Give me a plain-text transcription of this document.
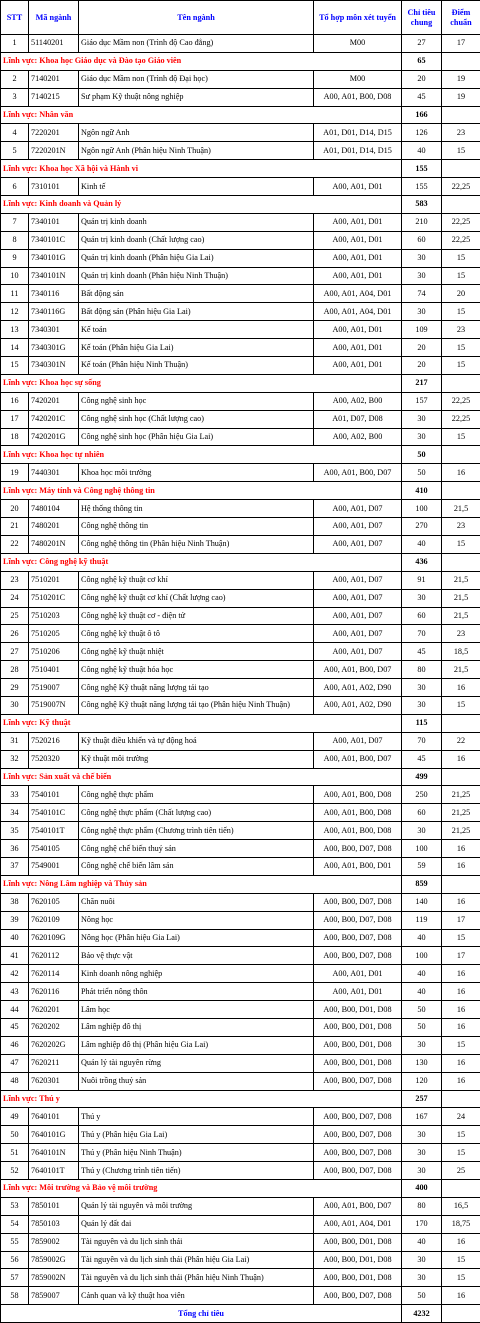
STT	Mã ngành	Tên ngành	Tổ hợp môn xét tuyển	Chỉ tiêu chung	Điểm chuẩn
1	51140201	Giáo dục Mầm non (Trình độ Cao đẳng)	M00	27	17
Lĩnh vực: Khoa học Giáo dục và Đào tạo Giáo viên				65	
2	7140201	Giáo dục Mầm non (Trình độ Đại học)	M00	20	19
3	7140215	Sư phạm Kỹ thuật nông nghiệp	A00, A01, B00, D08	45	19
Lĩnh vực: Nhân văn				166	
4	7220201	Ngôn ngữ Anh	A01, D01, D14, D15	126	23
5	7220201N	Ngôn ngữ Anh (Phân hiệu Ninh Thuận)	A01, D01, D14, D15	40	15
Lĩnh vực: Khoa học Xã hội và Hành vi				155	
6	7310101	Kinh tế	A00, A01, D01	155	22,25
Lĩnh vực: Kinh doanh và Quản lý				583	
7	7340101	Quản trị kinh doanh	A00, A01, D01	210	22,25
8	7340101C	Quản trị kinh doanh (Chất lượng cao)	A00, A01, D01	60	22,25
9	7340101G	Quản trị kinh doanh (Phân hiệu Gia Lai)	A00, A01, D01	30	15
10	7340101N	Quản trị kinh doanh (Phân hiệu Ninh Thuận)	A00, A01, D01	30	15
11	7340116	Bất động sản	A00, A01, A04, D01	74	20
12	7340116G	Bất động sản (Phân hiệu Gia Lai)	A00, A01, A04, D01	30	15
13	7340301	Kế toán	A00, A01, D01	109	23
14	7340301G	Kế toán (Phân hiệu Gia Lai)	A00, A01, D01	20	15
15	7340301N	Kế toán (Phân hiệu Ninh Thuận)	A00, A01, D01	20	15
Lĩnh vực: Khoa học sự sống				217	
16	7420201	Công nghệ sinh học	A00, A02, B00	157	22,25
17	7420201C	Công nghệ sinh học (Chất lượng cao)	A01, D07, D08	30	22,25
18	7420201G	Công nghệ sinh học (Phân hiệu Gia Lai)	A00, A02, B00	30	15
Lĩnh vực: Khoa học tự nhiên				50	
19	7440301	Khoa học môi trường	A00, A01, B00, D07	50	16
Lĩnh vực: Máy tính và Công nghệ thông tin				410	
20	7480104	Hệ thống thông tin	A00, A01, D07	100	21,5
21	7480201	Công nghệ thông tin	A00, A01, D07	270	23
22	7480201N	Công nghệ thông tin (Phân hiệu Ninh Thuận)	A00, A01, D07	40	15
Lĩnh vực: Công nghệ kỹ thuật				436	
23	7510201	Công nghệ kỹ thuật cơ khí	A00, A01, D07	91	21,5
24	7510201C	Công nghệ kỹ thuật cơ khí (Chất lượng cao)	A00, A01, D07	30	21,5
25	7510203	Công nghệ kỹ thuật cơ - điện tử	A00, A01, D07	60	21,5
26	7510205	Công nghệ kỹ thuật ô tô	A00, A01, D07	70	23
27	7510206	Công nghệ kỹ thuật nhiệt	A00, A01, D07	45	18,5
28	7510401	Công nghệ kỹ thuật hóa học	A00, A01, B00, D07	80	21,5
29	7519007	Công nghệ Kỹ thuật năng lượng tái tạo	A00, A01, A02, D90	30	16
30	7519007N	Công nghệ Kỹ thuật năng lượng tái tạo (Phân hiệu Ninh Thuận)	A00, A01, A02, D90	30	15
Lĩnh vực: Kỹ thuật				115	
31	7520216	Kỹ thuật điều khiển và tự động hoá	A00, A01, D07	70	22
32	7520320	Kỹ thuật môi trường	A00, A01, B00, D07	45	16
Lĩnh vực: Sản xuất và chế biến				499	
33	7540101	Công nghệ thực phẩm	A00, A01, B00, D08	250	21,25
34	7540101C	Công nghệ thực phẩm (Chất lượng cao)	A00, A01, B00, D08	60	21,25
35	7540101T	Công nghệ thực phẩm (Chương trình tiên tiến)	A00, A01, B00, D08	30	21,25
36	7540105	Công nghệ chế biến thuỷ sản	A00, B00, D07, D08	100	16
37	7549001	Công nghệ chế biến lâm sản	A00, A01, B00, D01	59	16
Lĩnh vực: Nông Lâm nghiệp và Thủy sản				859	
38	7620105	Chăn nuôi	A00, B00, D07, D08	140	16
39	7620109	Nông học	A00, B00, D07, D08	119	17
40	7620109G	Nông học (Phân hiệu Gia Lai)	A00, B00, D07, D08	40	15
41	7620112	Bảo vệ thực vật	A00, B00, D07, D08	100	17
42	7620114	Kinh doanh nông nghiệp	A00, A01, D01	40	16
43	7620116	Phát triển nông thôn	A00, A01, D01	40	16
44	7620201	Lâm học	A00, B00, D01, D08	50	16
45	7620202	Lâm nghiệp đô thị	A00, B00, D01, D08	50	16
46	7620202G	Lâm nghiệp đô thị (Phân hiệu Gia Lai)	A00, B00, D01, D08	30	15
47	7620211	Quản lý tài nguyên rừng	A00, B00, D01, D08	130	16
48	7620301	Nuôi trồng thuỷ sản	A00, B00, D07, D08	120	16
Lĩnh vực: Thú y				257	
49	7640101	Thú y	A00, B00, D07, D08	167	24
50	7640101G	Thú y (Phân hiệu Gia Lai)	A00, B00, D07, D08	30	15
51	7640101N	Thú y (Phân hiệu Ninh Thuận)	A00, B00, D07, D08	30	15
52	7640101T	Thú y (Chương trình tiên tiến)	A00, B00, D07, D08	30	25
Lĩnh vực: Môi trường và Bảo vệ môi trường				400	
53	7850101	Quản lý tài nguyên và môi trường	A00, A01, B00, D07	80	16,5
54	7850103	Quản lý đất đai	A00, A01, A04, D01	170	18,75
55	7859002	Tài nguyên và du lịch sinh thái	A00, B00, D01, D08	40	16
56	7859002G	Tài nguyên và du lịch sinh thái (Phân hiệu Gia Lai)	A00, B00, D01, D08	30	15
57	7859002N	Tài nguyên và du lịch sinh thái (Phân hiệu Ninh Thuận)	A00, B00, D01, D08	30	15
58	7859007	Cảnh quan và kỹ thuật hoa viên	A00, B00, D07, D08	50	16
Tổng chỉ tiêu				4232	
